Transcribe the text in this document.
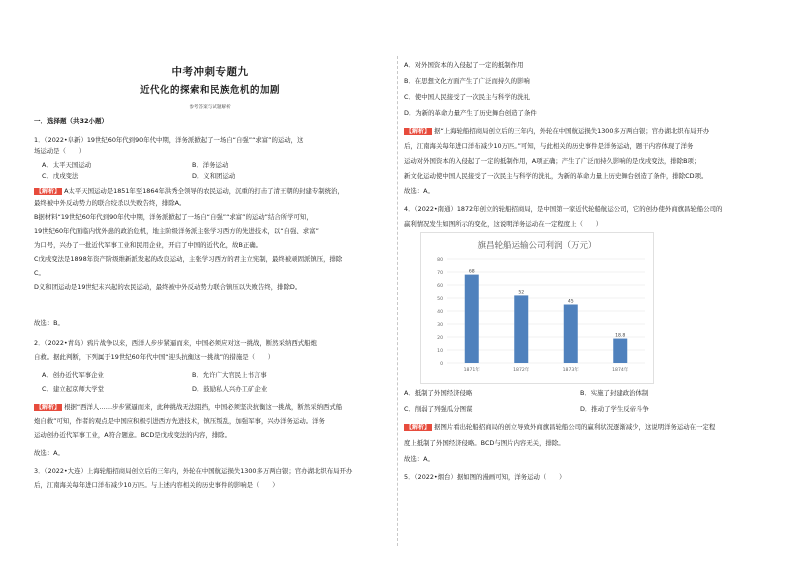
中考冲刺专题九
近代化的探索和民族危机的加剧
参考答案与试题解析
一．选择题（共32小题）
1．（2022•阜新）19世纪60年代到90年代中期，洋务派掀起了一场自“自强”“求富”的运动，这
场运动是（　　）
A．太平天国运动	B．洋务运动
C．戊戌变法	D．义和团运动
【解析】 A太平天国运动是1851年至1864年洪秀全领导的农民运动，沉重的打击了清王朝的封建专制统治，
最终被中外反动势力的联合绞杀以失败告终，排除A。
B据材料“19世纪60年代到90年代中期，洋务派掀起了一场自“自强”“求富”的运动”结合所学可知，
19世纪60年代面临内忧外患的政治危机，地主阶级洋务派主张学习西方的先进技术，以“自强、求富”
为口号，兴办了一批近代军事工业和民用企业，开启了中国的近代化，故B正确。
C戊戌变法是1898年资产阶级维新派发起的改良运动，主张学习西方的君主立宪制，最终被顽固派镇压，排除
C。
D义和团运动是19世纪末兴起的农民运动，最终被中外反动势力联合镇压以失败告终，排除D。
故选：B。
2．（2022•青岛）鸦片战争以来，西洋人步步紧逼而来，中国必须应对这一挑战，断然采纳西式船炮
自救。据此判断，下列属于19世纪60年代中国“迎头抗衡这一挑战”的措施是（　　）
A．创办近代军事企业	B．允许广大官民上书言事
C．建立起京师大学堂	D．鼓励私人兴办工矿企业
【解析】 根据“西洋人……步步紧逼而来，此种挑战无法阻挡，中国必须坚决抗衡这一挑战，断然采纳西式船
炮自救”可知，作者的观点是中国应积极引进西方先进技术，镇压叛乱，加强军事，兴办洋务运动。洋务
运动创办近代军事工业，A符合题意。BCD是戊戌变法的内容，排除。
故选：A。
3．（2022•大连）上海轮船招商局创立后的三年内，外轮在中国航运损失1300多万两白银；官办湖北织布局开办
后，江南海关每年进口洋布减少10万匹。与上述内容相关的历史事件的影响是（　　）
A．对外国资本的入侵起了一定的抵制作用
B．在思想文化方面产生了广泛而持久的影响
C．使中国人民接受了一次民主与科学的洗礼
D．为新的革命力量产生了历史舞台创造了条件
【解析】 据“上海轮船招商局创立后的三年内，外轮在中国航运损失1300多万两白银；官办湖北织布局开办
后，江南海关每年进口洋布减少10万匹。”可知，与此相关的历史事件是洋务运动，题干内容体现了洋务
运动对外国资本的入侵起了一定的抵制作用，A项正确；产生了广泛而持久影响的是戊戌变法，排除B项；
新文化运动使中国人民接受了一次民主与科学的洗礼，为新的革命力量上历史舞台创造了条件，排除CD项。
故选：A。
4．（2022•南通）1872年创立的轮船招商局，是中国第一家近代轮船航运公司，它的创办使外商旗昌轮船公司的
赢利情况发生如图所示的变化，这说明洋务运动在一定程度上（　　）
A．抵制了外国经济侵略	B．实施了封建政治体制
C．削弱了列强瓜分图谋	D．推动了学生反帝斗争
【解析】 据图片看出轮船招商局的创立导致外商旗昌轮船公司的赢利状况逐渐减少，这说明洋务运动在一定程
度上抵制了外国经济侵略。BCD与图片内容无关，排除。
故选：A。
5．（2022•烟台）据如图的漫画可知，洋务运动（　　）
旗昌轮船运输公司利润（万元）
0
10
20
30
40
50
60
70
80
68
1871年
52
1872年
45
1873年
18.8
1874年
